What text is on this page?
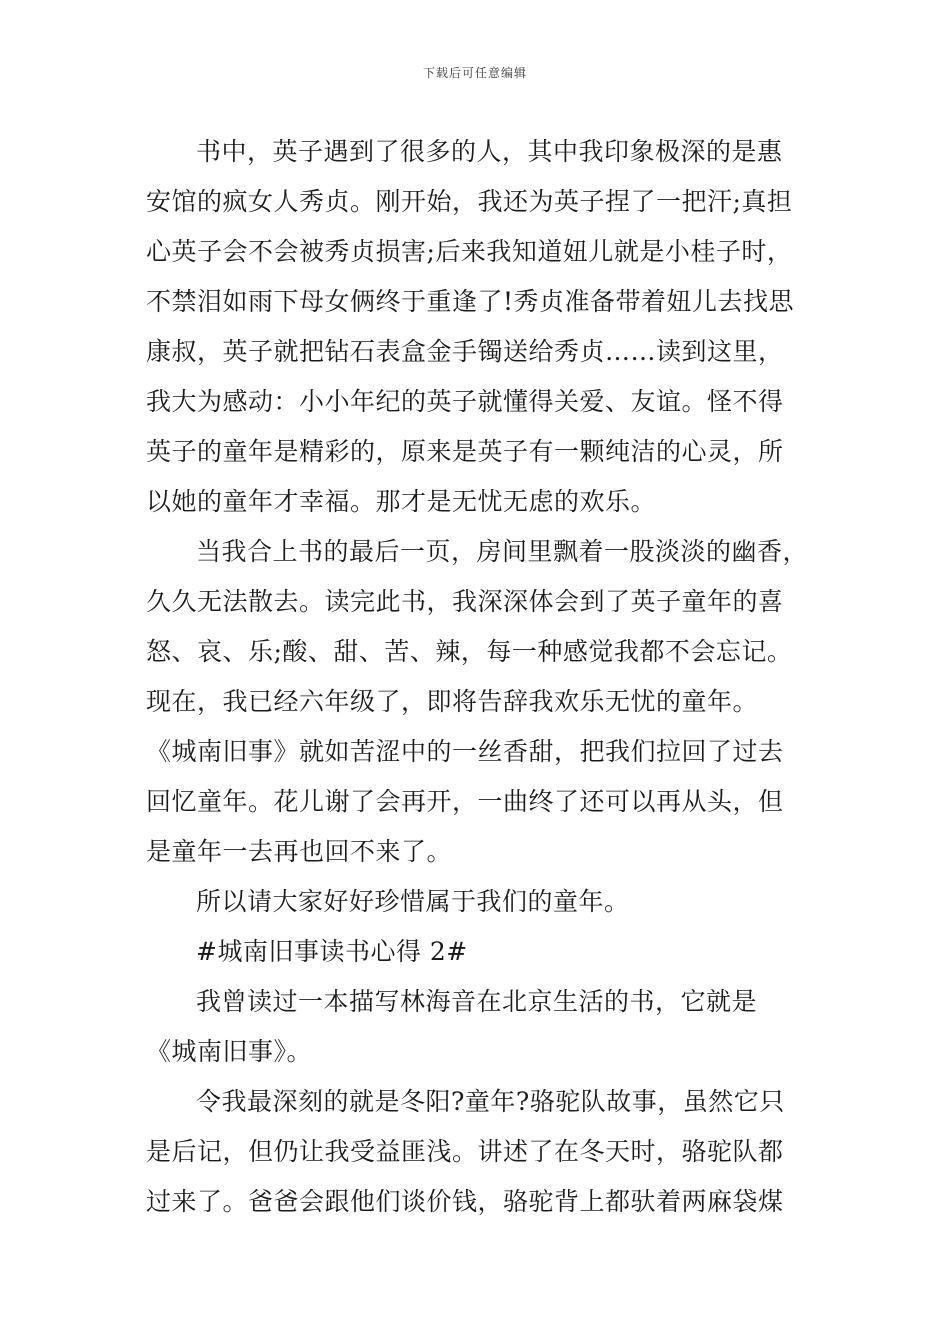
下载后可任意编辑
书中，英子遇到了很多的人，其中我印象极深的是惠
安馆的疯女人秀贞。刚开始，我还为英子捏了一把汗;真担
心英子会不会被秀贞损害;后来我知道妞儿就是小桂子时，
不禁泪如雨下母女俩终于重逢了!秀贞准备带着妞儿去找思
康叔，英子就把钻石表盒金手镯送给秀贞……读到这里，
我大为感动：小小年纪的英子就懂得关爱、友谊。怪不得
英子的童年是精彩的，原来是英子有一颗纯洁的心灵，所
以她的童年才幸福。那才是无忧无虑的欢乐。
当我合上书的最后一页，房间里飘着一股淡淡的幽香，
久久无法散去。读完此书，我深深体会到了英子童年的喜
怒、哀、乐;酸、甜、苦、辣，每一种感觉我都不会忘记。
现在，我已经六年级了，即将告辞我欢乐无忧的童年。
《城南旧事》就如苦涩中的一丝香甜，把我们拉回了过去
回忆童年。花儿谢了会再开，一曲终了还可以再从头，但
是童年一去再也回不来了。
所以请大家好好珍惜属于我们的童年。
#城南旧事读书心得 2#
我曾读过一本描写林海音在北京生活的书，它就是
《城南旧事》。
令我最深刻的就是冬阳?童年?骆驼队故事，虽然它只
是后记，但仍让我受益匪浅。讲述了在冬天时，骆驼队都
过来了。爸爸会跟他们谈价钱，骆驼背上都驮着两麻袋煤
